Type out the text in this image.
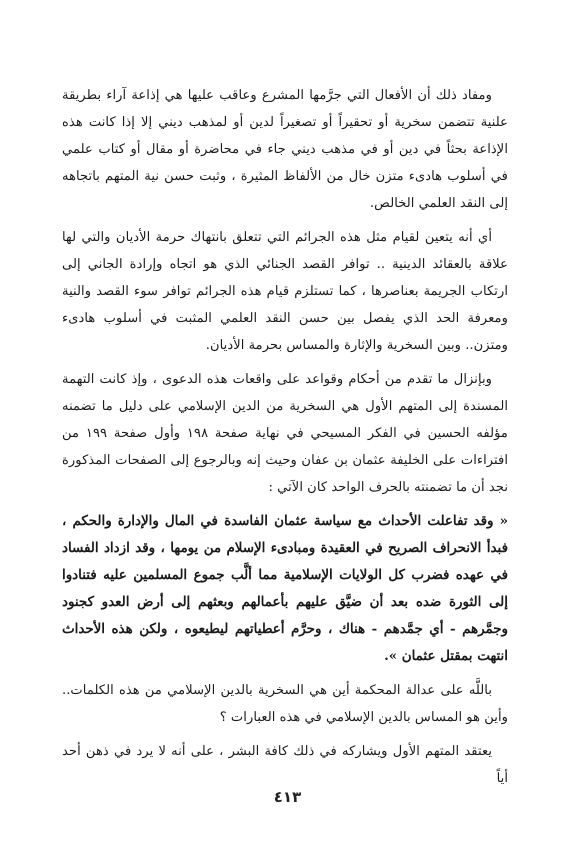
ومفاد ذلك أن الأفعال التي جرَّمها المشرع وعاقب عليها هي إذاعة آراء بطريقة علنية تتضمن سخرية أو تحقيراً أو تصغيراً لدين أو لمذهب ديني إلا إذا كانت هذه الإذاعة بحثاً في دين أو في مذهب ديني جاء في محاضرة أو مقال أو كتاب علمي في أسلوب هادىء متزن خال من الألفاظ المثيرة ، وثبت حسن نية المتهم باتجاهه إلى النقد العلمي الخالص.

أي أنه يتعين لقيام مثل هذه الجرائم التي تتعلق بانتهاك حرمة الأديان والتي لها علاقة بالعقائد الدينية .. توافر القصد الجنائي الذي هو اتجاه وإرادة الجاني إلى ارتكاب الجريمة بعناصرها ، كما تستلزم قيام هذه الجرائم توافر سوء القصد والنية ومعرفة الحد الذي يفصل بين حسن النقد العلمي المثبت في أسلوب هادىء ومتزن.. وبين السخرية والإثارة والمساس بحرمة الأديان.

وبإنزال ما تقدم من أحكام وقواعد على واقعات هذه الدعوى ، وإذ كانت التهمة المسندة إلى المتهم الأول هي السخرية من الدين الإسلامي على دليل ما تضمنه مؤلفه الحسين في الفكر المسيحي في نهاية صفحة ١٩٨ وأول صفحة ١٩٩ من افتراءات على الخليفة عثمان بن عفان وحيث إنه وبالرجوع إلى الصفحات المذكورة نجد أن ما تضمنته بالحرف الواحد كان الآتي :

« وقد تفاعلت الأحداث مع سياسة عثمان الفاسدة في المال والإدارة والحكم ، فبدأ الانحراف الصريح في العقيدة ومبادىء الإسلام من يومها ، وقد ازداد الفساد في عهده فضرب كل الولايات الإسلامية مما ألَّب جموع المسلمين عليه فتنادوا إلى الثورة ضده بعد أن ضيَّق عليهم بأعمالهم وبعثهم إلى أرض العدو كجنود وجمَّرهم - أي جمَّدهم - هناك ، وحرَّم أعطياتهم ليطيعوه ، ولكن هذه الأحداث انتهت بمقتل عثمان ».

باللَّه على عدالة المحكمة أين هي السخرية بالدين الإسلامي من هذه الكلمات.. وأين هو المساس بالدين الإسلامي في هذه العبارات ؟

يعتقد المتهم الأول ويشاركه في ذلك كافة البشر ، على أنه لا يرد في ذهن أحد أياً

٤١٣
